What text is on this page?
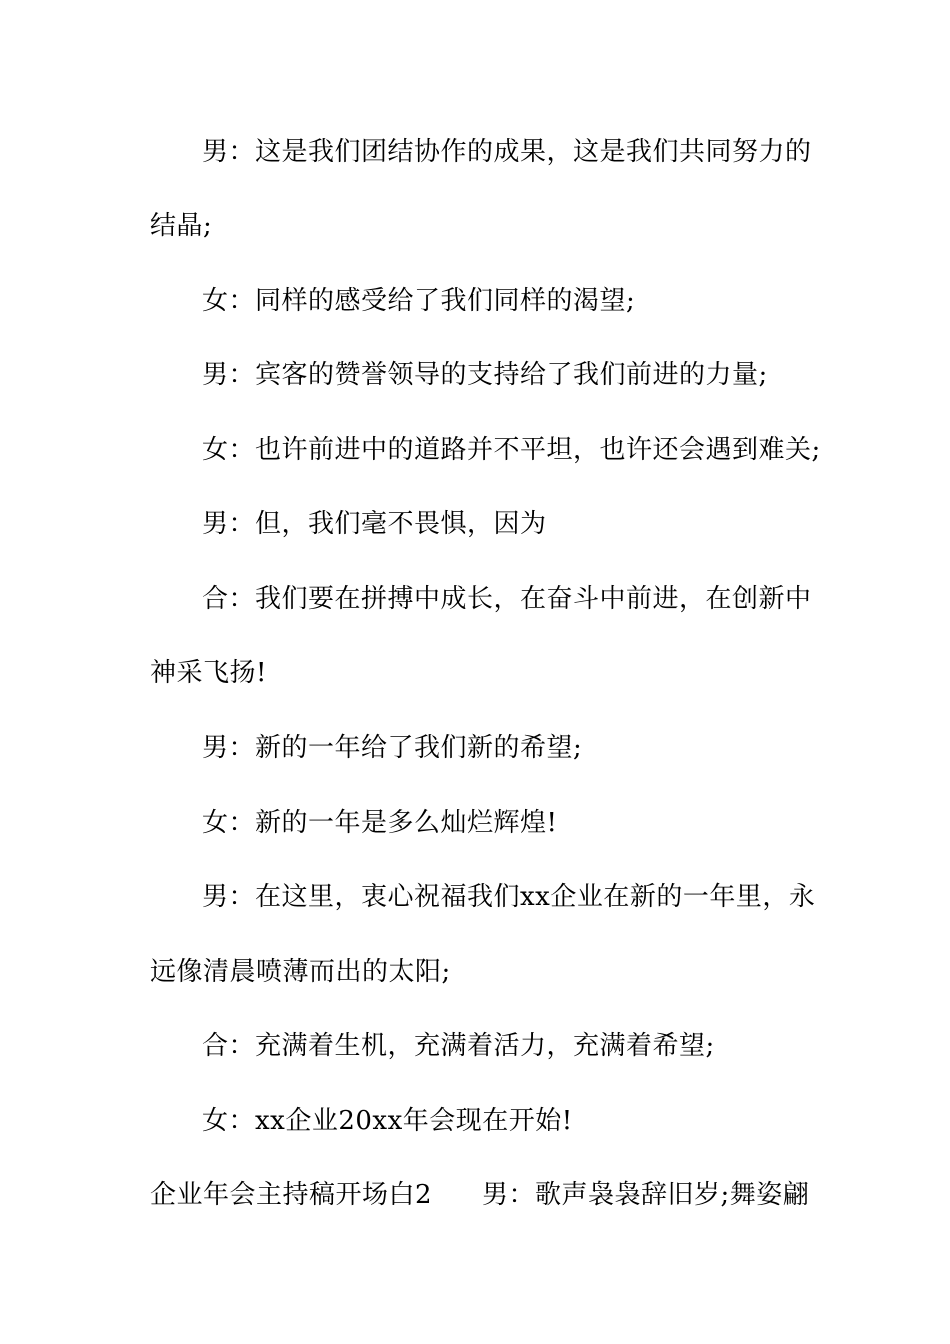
男：这是我们团结协作的成果，这是我们共同努力的
结晶;
女：同样的感受给了我们同样的渴望;
男：宾客的赞誉领导的支持给了我们前进的力量;
女：也许前进中的道路并不平坦，也许还会遇到难关;
男：但，我们毫不畏惧，因为
合：我们要在拼搏中成长，在奋斗中前进，在创新中
神采飞扬!
男：新的一年给了我们新的希望;
女：新的一年是多么灿烂辉煌!
男：在这里，衷心祝福我们xx企业在新的一年里，永
远像清晨喷薄而出的太阳;
合：充满着生机，充满着活力，充满着希望;
女：xx企业20xx年会现在开始!
企业年会主持稿开场白2 男：歌声袅袅辞旧岁;舞姿翩
